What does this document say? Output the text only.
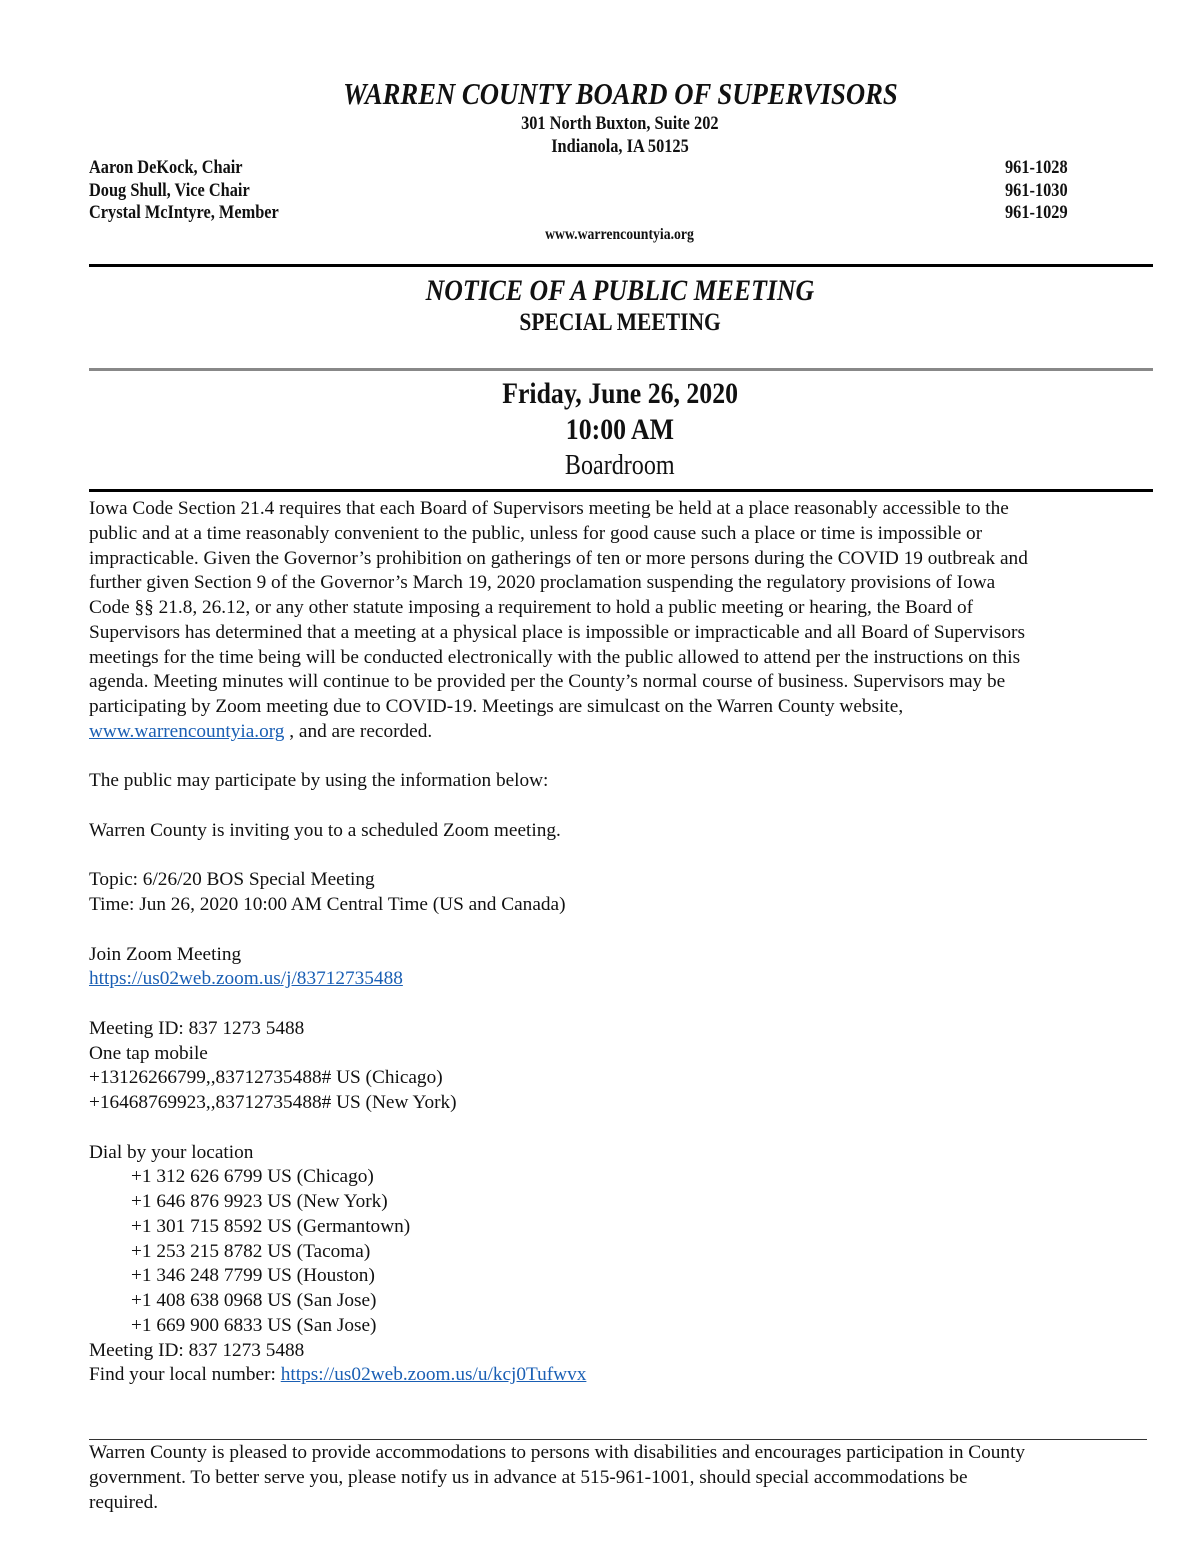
WARREN COUNTY BOARD OF SUPERVISORS
301 North Buxton, Suite 202
Indianola, IA 50125
Aaron DeKock, Chair
Doug Shull, Vice Chair
Crystal McIntyre, Member
961-1028
961-1030
961-1029
www.warrencountyia.org
NOTICE OF A PUBLIC MEETING
SPECIAL MEETING
Friday, June 26, 2020
10:00 AM
Boardroom
Iowa Code Section 21.4 requires that each Board of Supervisors meeting be held at a place reasonably accessible to the
public and at a time reasonably convenient to the public, unless for good cause such a place or time is impossible or
impracticable. Given the Governor’s prohibition on gatherings of ten or more persons during the COVID 19 outbreak and
further given Section 9 of the Governor’s March 19, 2020 proclamation suspending the regulatory provisions of Iowa
Code §§ 21.8, 26.12, or any other statute imposing a requirement to hold a public meeting or hearing, the Board of
Supervisors has determined that a meeting at a physical place is impossible or impracticable and all Board of Supervisors
meetings for the time being will be conducted electronically with the public allowed to attend per the instructions on this
agenda. Meeting minutes will continue to be provided per the County’s normal course of business. Supervisors may be
participating by Zoom meeting due to COVID-19. Meetings are simulcast on the Warren County website,
www.warrencountyia.org , and are recorded.
The public may participate by using the information below:
Warren County is inviting you to a scheduled Zoom meeting.
Topic: 6/26/20 BOS Special Meeting
Time: Jun 26, 2020 10:00 AM Central Time (US and Canada)
Join Zoom Meeting
https://us02web.zoom.us/j/83712735488
Meeting ID: 837 1273 5488
One tap mobile
+13126266799,,83712735488# US (Chicago)
+16468769923,,83712735488# US (New York)
Dial by your location
+1 312 626 6799 US (Chicago)
+1 646 876 9923 US (New York)
+1 301 715 8592 US (Germantown)
+1 253 215 8782 US (Tacoma)
+1 346 248 7799 US (Houston)
+1 408 638 0968 US (San Jose)
+1 669 900 6833 US (San Jose)
Meeting ID: 837 1273 5488
Find your local number: https://us02web.zoom.us/u/kcj0Tufwvx
Warren County is pleased to provide accommodations to persons with disabilities and encourages participation in County
government. To better serve you, please notify us in advance at 515-961-1001, should special accommodations be
required.
